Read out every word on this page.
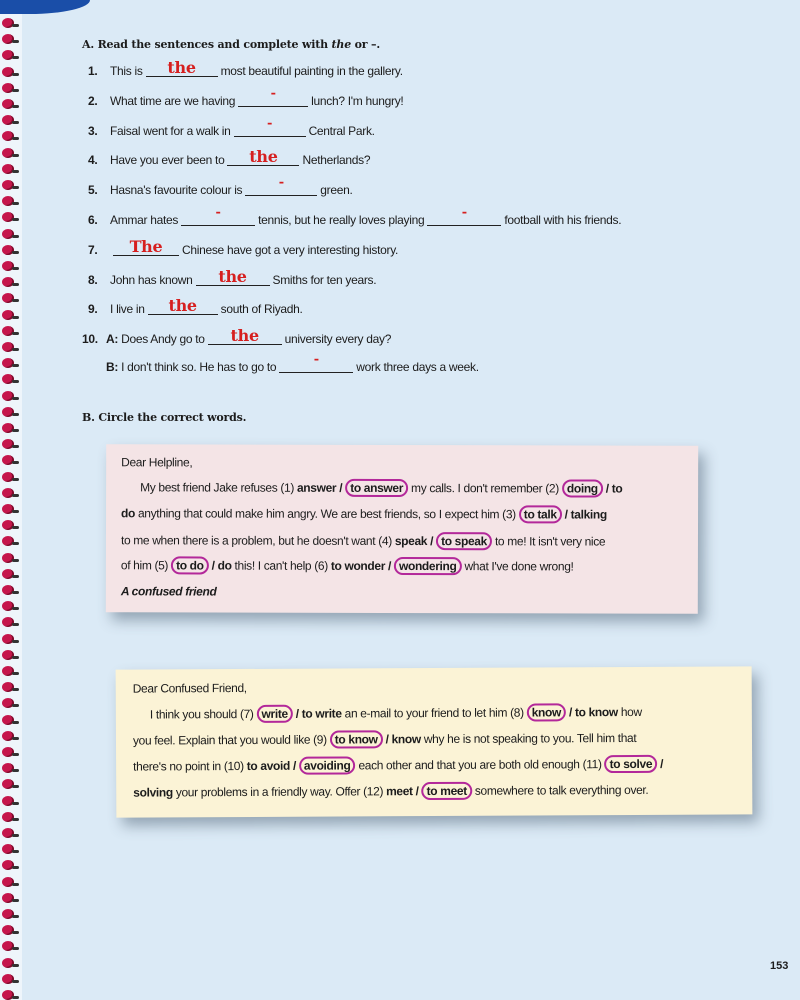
A. Read the sentences and complete with the or –.
1. This is	the	most beautiful painting in the gallery.
2. What time are we having	-	lunch? I'm hungry!
3. Faisal went for a walk in	-	Central Park.
4. Have you ever been to	the	Netherlands?
5. Hasna's favourite colour is	-	green.
6. Ammar hates	-	tennis, but he really loves playing	-	football with his friends.
7.	The	Chinese have got a very interesting history.
8. John has known	the	Smiths for ten years.
9. I live in	the	south of Riyadh.
10. A: Does Andy go to	the	university every day?
B: I don't think so. He has to go to	-	work three days a week.
B. Circle the correct words.
Dear Helpline,
My best friend Jake refuses (1) answer / to answer my calls. I don't remember (2) doing / to
do anything that could make him angry. We are best friends, so I expect him (3) to talk / talking
to me when there is a problem, but he doesn't want (4) speak / to speak to me! It isn't very nice
of him (5) to do / do this! I can't help (6) to wonder / wondering what I've done wrong!
A confused friend
Dear Confused Friend,
I think you should (7) write / to write an e-mail to your friend to let him (8) know / to know how
you feel. Explain that you would like (9) to know / know why he is not speaking to you. Tell him that
there's no point in (10) to avoid / avoiding each other and that you are both old enough (11) to solve /
solving your problems in a friendly way. Offer (12) meet / to meet somewhere to talk everything over.
153
